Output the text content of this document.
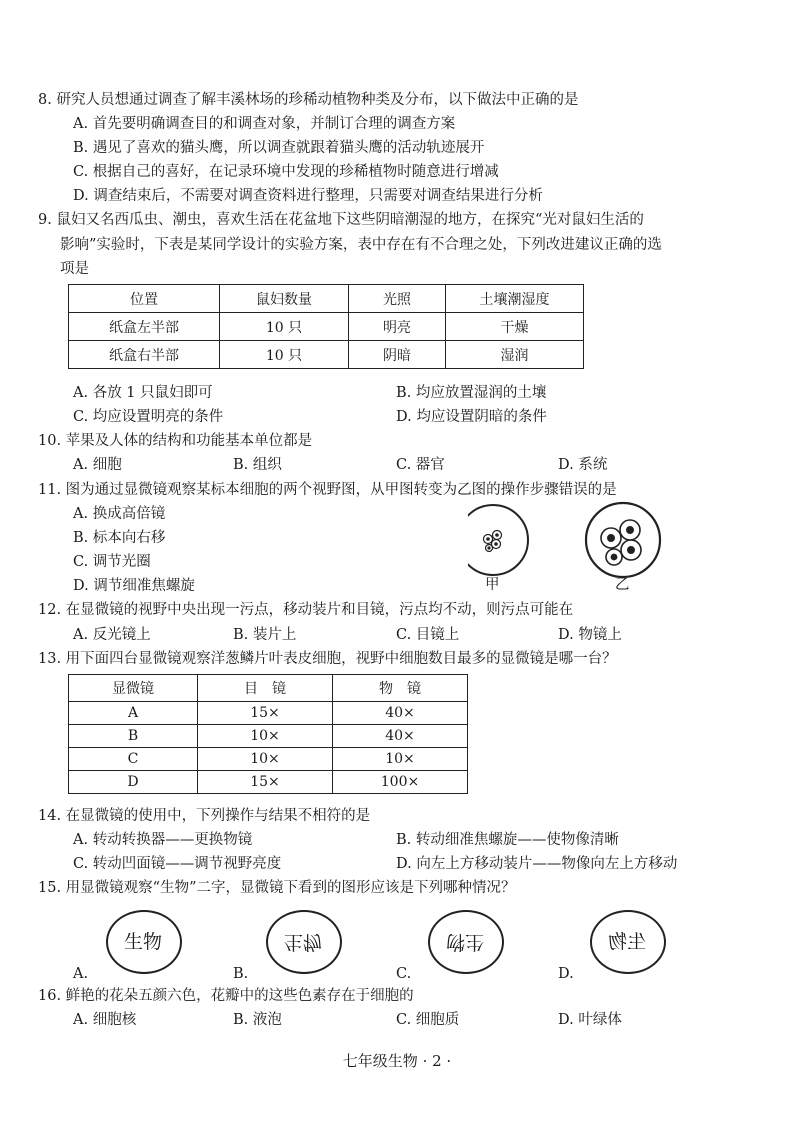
8. 研究人员想通过调查了解丰溪林场的珍稀动植物种类及分布，以下做法中正确的是
A. 首先要明确调查目的和调查对象，并制订合理的调查方案
B. 遇见了喜欢的猫头鹰，所以调查就跟着猫头鹰的活动轨迹展开
C. 根据自己的喜好，在记录环境中发现的珍稀植物时随意进行增减
D. 调查结束后，不需要对调查资料进行整理，只需要对调查结果进行分析
9. 鼠妇又名西瓜虫、潮虫，喜欢生活在花盆地下这些阴暗潮湿的地方，在探究“光对鼠妇生活的
影响”实验时，下表是某同学设计的实验方案，表中存在有不合理之处，下列改进建议正确的选
项是
位置	鼠妇数量	光照	土壤潮湿度
纸盒左半部	10 只	明亮	干燥
纸盒右半部	10 只	阴暗	湿润
A. 各放 1 只鼠妇即可	B. 均应放置湿润的土壤
C. 均应设置明亮的条件	D. 均应设置阴暗的条件
10. 苹果及人体的结构和功能基本单位都是
A. 细胞	B. 组织	C. 器官	D. 系统
11. 图为通过显微镜观察某标本细胞的两个视野图，从甲图转变为乙图的操作步骤错误的是
A. 换成高倍镜
B. 标本向右移
C. 调节光圈
D. 调节细准焦螺旋	甲	乙
12. 在显微镜的视野中央出现一污点，移动装片和目镜，污点均不动，则污点可能在
A. 反光镜上	B. 装片上	C. 目镜上	D. 物镜上
13. 用下面四台显微镜观察洋葱鳞片叶表皮细胞，视野中细胞数目最多的显微镜是哪一台？
显微镜	目　镜	物　镜
A	15×	40×
B	10×	40×
C	10×	10×
D	15×	100×
14. 在显微镜的使用中，下列操作与结果不相符的是
A. 转动转换器——更换物镜	B. 转动细准焦螺旋——使物像清晰
C. 转动凹面镜——调节视野亮度	D. 向左上方移动装片——物像向左上方移动
15. 用显微镜观察“生物”二字，显微镜下看到的图形应该是下列哪种情况？
生物	生物	生物	生物
A.	B.	C.	D.
16. 鲜艳的花朵五颜六色，花瓣中的这些色素存在于细胞的
A. 细胞核	B. 液泡	C. 细胞质	D. 叶绿体
七年级生物 · 2 ·
